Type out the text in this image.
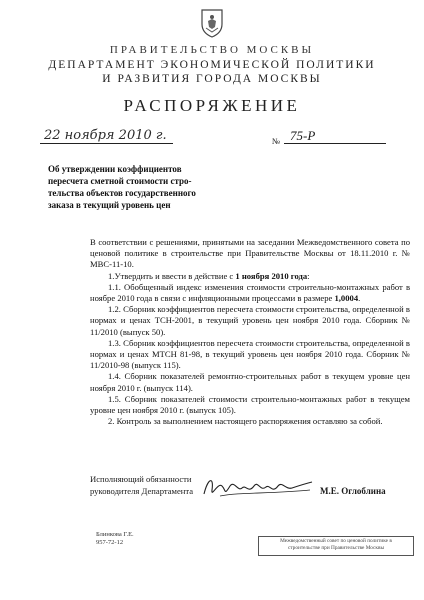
ПРАВИТЕЛЬСТВО МОСКВЫ
ДЕПАРТАМЕНТ ЭКОНОМИЧЕСКОЙ ПОЛИТИКИ
И РАЗВИТИЯ ГОРОДА МОСКВЫ
РАСПОРЯЖЕНИЕ
22 ноября 2010 г.	№ 75-Р
Об утверждении коэффициентов
пересчета сметной стоимости стро-
тельства объектов государственного
заказа в текущий уровень цен

В соответствии с решениями, принятыми на заседании Межведомственного совета по ценовой политике в строительстве при Правительстве Москвы от 18.11.2010 г. № МВС-11-10.

1.Утвердить и ввести в действие с 1 ноября 2010 года:

1.1. Обобщенный индекс изменения стоимости строительно-монтажных работ в ноябре 2010 года в связи с инфляционными процессами в размере 1,0004.

1.2. Сборник коэффициентов пересчета стоимости строительства, определенной в нормах и ценах ТСН-2001, в текущий уровень цен ноября 2010 года. Сборник № 11/2010 (выпуск 50).

1.3. Сборник коэффициентов пересчета стоимости строительства, определенной в нормах и ценах МТСН 81-98, в текущий уровень цен ноября 2010 года. Сборник № 11/2010-98 (выпуск 115).

1.4. Сборник показателей ремонтно-строительных работ в текущем уровне цен ноября 2010 г. (выпуск 114).

1.5. Сборник показателей стоимости строительно-монтажных работ в текущем уровне цен ноября 2010 г. (выпуск 105).

2. Контроль за выполнением настоящего распоряжения оставляю за собой.

Исполняющий обязанности
руководителя Департамента	М.Е. Оглоблина
Блинкова Г.Е.
957-72-12	Межведомственный совет по ценовой политике в
строительстве при Правительстве Москвы
